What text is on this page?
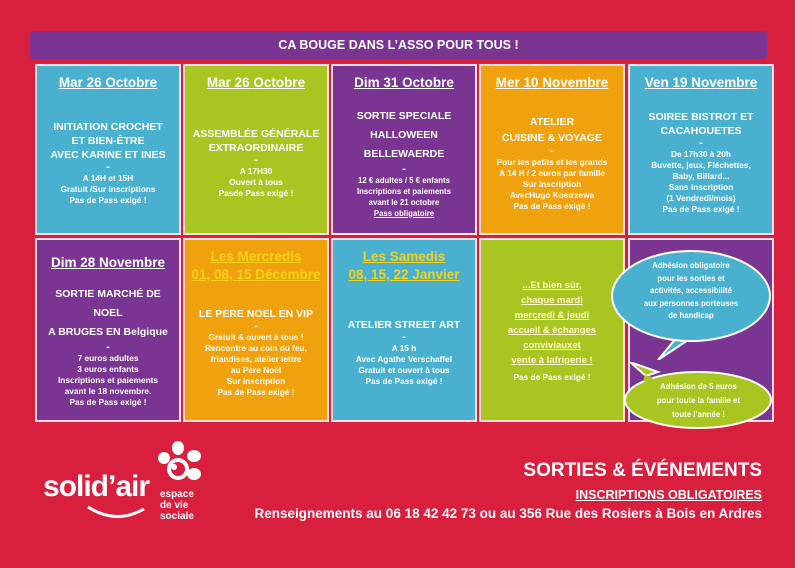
CA BOUGE DANS L’ASSO POUR TOUS !
Mar 26 Octobre
INITIATION CROCHET
ET BIEN-ÊTRE
AVEC KARINE ET INES
-
A 14H et 15H
Gratuit /Sur inscriptions
Pas de Pass exigé !
Mar 26 Octobre
ASSEMBLÉE GÉNÉRALE
EXTRAORDINAIRE
-
A 17H30
Ouvert à tous
Pasde Pass exigé !
Dim 31 Octobre
SORTIE SPECIALE
HALLOWEEN
BELLEWAERDE
-
12 € adultes / 5 € enfants
Inscriptions et paiements
avant le 21 octobre
Pass obligatoire
Mer 10 Novembre
ATELIER
CUISINE & VOYAGE
-
Pour les petits et les grands
A 14 H / 2 euros par famille
Sur inscription
AvecHugo Kostrzewa
Pas de Pass exigé !
Ven 19 Novembre
SOIREE BISTROT ET
CACAHOUETES
-
De 17h30 à 20h
Buvette, jeux, Fléchettes,
Baby, Billard...
Sans inscription
(1 Vendredi/mois)
Pas de Pass exigé !
Dim 28 Novembre
SORTIE MARCHÉ DE NOEL
A BRUGES EN Belgique
-
7 euros adultes
3 euros enfants
Inscriptions et paiements
avant le 18 novembre.
Pas de Pass exigé !
Les Mercredis
01, 08, 15 Décembre
LE PERE NOEL EN VIP
-
Gratuit & ouvert à tous !
Rencontre au coin du feu,
friandises, atelier lettre
au Père Noël
Sur inscription
Pas de Pass exigé !
Les Samedis
08, 15, 22 Janvier
ATELIER STREET ART
-
A 15 h
Avec Agathe Verschaffel
Gratuit et ouvert à tous
Pas de Pass exigé !
...Et bien sûr,
chaque mardi
mercredi & jeudi
accueil & échanges
conviviauxet
vente à lafriperie !
Pas de Pass exigé !
Adhésion obligatoire
pour les sorties et
activités, accessibilité
aux personnes porteuses
de handicap
Adhésion de 5 euros
pour toute la famille et
toute l’année !
solid’air espace
de vie
sociale
SORTIES & ÉVÉNEMENTS
INSCRIPTIONS OBLIGATOIRES
Renseignements au 06 18 42 42 73 ou au 356 Rue des Rosiers à Bois en Ardres
